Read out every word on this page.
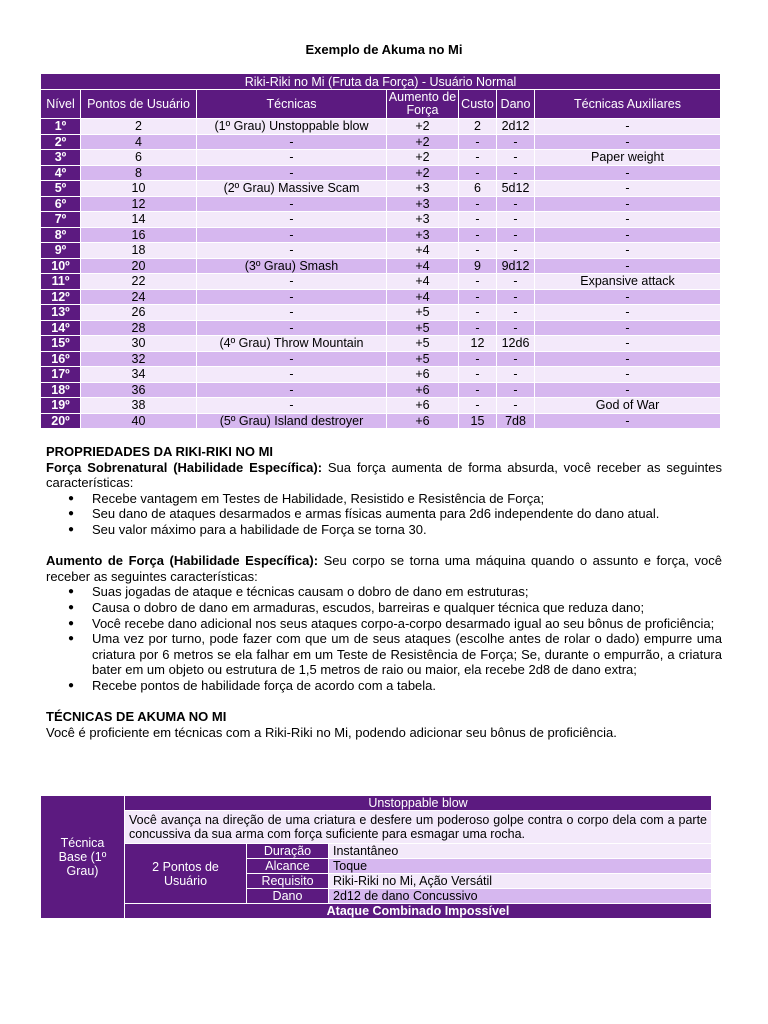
Exemplo de Akuma no Mi
Riki-Riki no Mi (Fruta da Força) - Usuário Normal						
Nível	Pontos de Usuário	Técnicas	Aumento de Força	Custo	Dano	Técnicas Auxiliares
1º	2	(1º Grau) Unstoppable blow	+2	2	2d12	-
2º	4	-	+2	-	-	-
3º	6	-	+2	-	-	Paper weight
4º	8	-	+2	-	-	-
5º	10	(2º Grau) Massive Scam	+3	6	5d12	-
6º	12	-	+3	-	-	-
7º	14	-	+3	-	-	-
8º	16	-	+3	-	-	-
9º	18	-	+4	-	-	-
10º	20	(3º Grau) Smash	+4	9	9d12	-
11º	22	-	+4	-	-	Expansive attack
12º	24	-	+4	-	-	-
13º	26	-	+5	-	-	-
14º	28	-	+5	-	-	-
15º	30	(4º Grau) Throw Mountain	+5	12	12d6	-
16º	32	-	+5	-	-	-
17º	34	-	+6	-	-	-
18º	36	-	+6	-	-	-
19º	38	-	+6	-	-	God of War
20º	40	(5º Grau) Island destroyer	+6	15	7d8	-

PROPRIEDADES DA RIKI-RIKI NO MI

Força Sobrenatural (Habilidade Específica): Sua força aumenta de forma absurda, você receber as seguintes características:

● Recebe vantagem em Testes de Habilidade, Resistido e Resistência de Força;
● Seu dano de ataques desarmados e armas físicas aumenta para 2d6 independente do dano atual.
● Seu valor máximo para a habilidade de Força se torna 30.

Aumento de Força (Habilidade Específica): Seu corpo se torna uma máquina quando o assunto e força, você receber as seguintes características:

● Suas jogadas de ataque e técnicas causam o dobro de dano em estruturas;
● Causa o dobro de dano em armaduras, escudos, barreiras e qualquer técnica que reduza dano;
● Você recebe dano adicional nos seus ataques corpo-a-corpo desarmado igual ao seu bônus de proficiência;
● Uma vez por turno, pode fazer com que um de seus ataques (escolhe antes de rolar o dado) empurre uma criatura por 6 metros se ela falhar em um Teste de Resistência de Força; Se, durante o empurrão, a criatura bater em um objeto ou estrutura de 1,5 metros de raio ou maior, ela recebe 2d8 de dano extra;
● Recebe pontos de habilidade força de acordo com a tabela.

TÉCNICAS DE AKUMA NO MI

Você é proficiente em técnicas com a Riki-Riki no Mi, podendo adicionar seu bônus de proficiência.

Técnica Base (1º Grau)	Unstoppable blow		
	Você avança na direção de uma criatura e desfere um poderoso golpe contra o corpo dela com a parte concussiva da sua arma com força suficiente para esmagar uma rocha.		
	2 Pontos de Usuário	Duração	Instantâneo
		Alcance	Toque
		Requisito	Riki-Riki no Mi, Ação Versátil
		Dano	2d12 de dano Concussivo
	Ataque Combinado Impossível		
